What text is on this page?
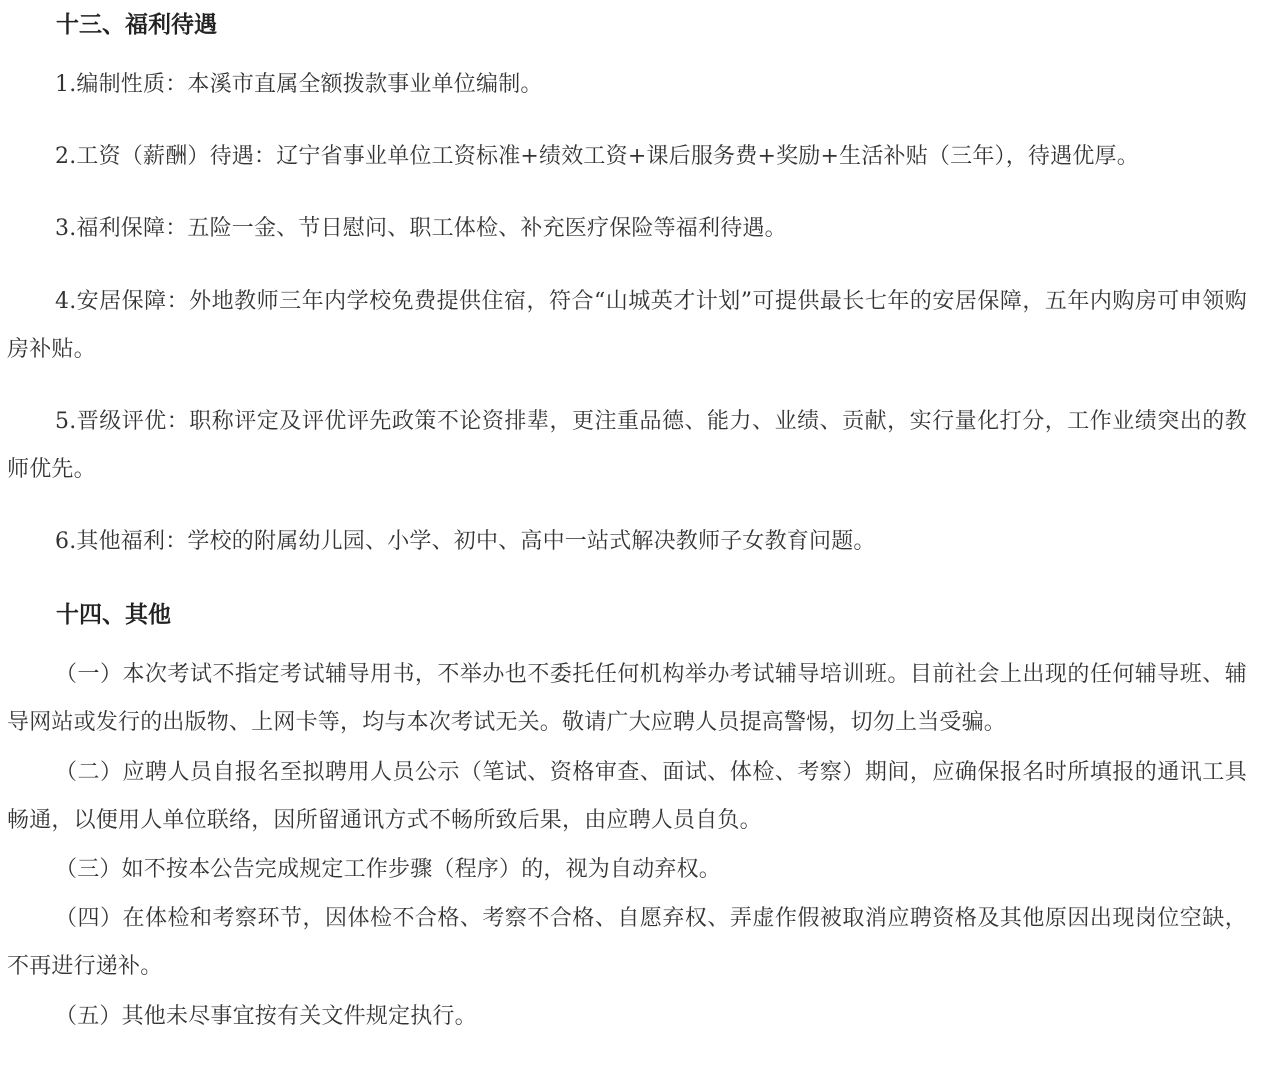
十三、福利待遇

1.编制性质：本溪市直属全额拨款事业单位编制。

2.工资（薪酬）待遇：辽宁省事业单位工资标准+绩效工资+课后服务费+奖励+生活补贴（三年），待遇优厚。

3.福利保障：五险一金、节日慰问、职工体检、补充医疗保险等福利待遇。

4.安居保障：外地教师三年内学校免费提供住宿，符合“山城英才计划”可提供最长七年的安居保障，五年内购房可申领购房补贴。

5.晋级评优：职称评定及评优评先政策不论资排辈，更注重品德、能力、业绩、贡献，实行量化打分，工作业绩突出的教师优先。

6.其他福利：学校的附属幼儿园、小学、初中、高中一站式解决教师子女教育问题。

十四、其他

（一）本次考试不指定考试辅导用书，不举办也不委托任何机构举办考试辅导培训班。目前社会上出现的任何辅导班、辅导网站或发行的出版物、上网卡等，均与本次考试无关。敬请广大应聘人员提高警惕，切勿上当受骗。

（二）应聘人员自报名至拟聘用人员公示（笔试、资格审查、面试、体检、考察）期间，应确保报名时所填报的通讯工具畅通，以便用人单位联络，因所留通讯方式不畅所致后果，由应聘人员自负。

（三）如不按本公告完成规定工作步骤（程序）的，视为自动弃权。

（四）在体检和考察环节，因体检不合格、考察不合格、自愿弃权、弄虚作假被取消应聘资格及其他原因出现岗位空缺，不再进行递补。

（五）其他未尽事宜按有关文件规定执行。
